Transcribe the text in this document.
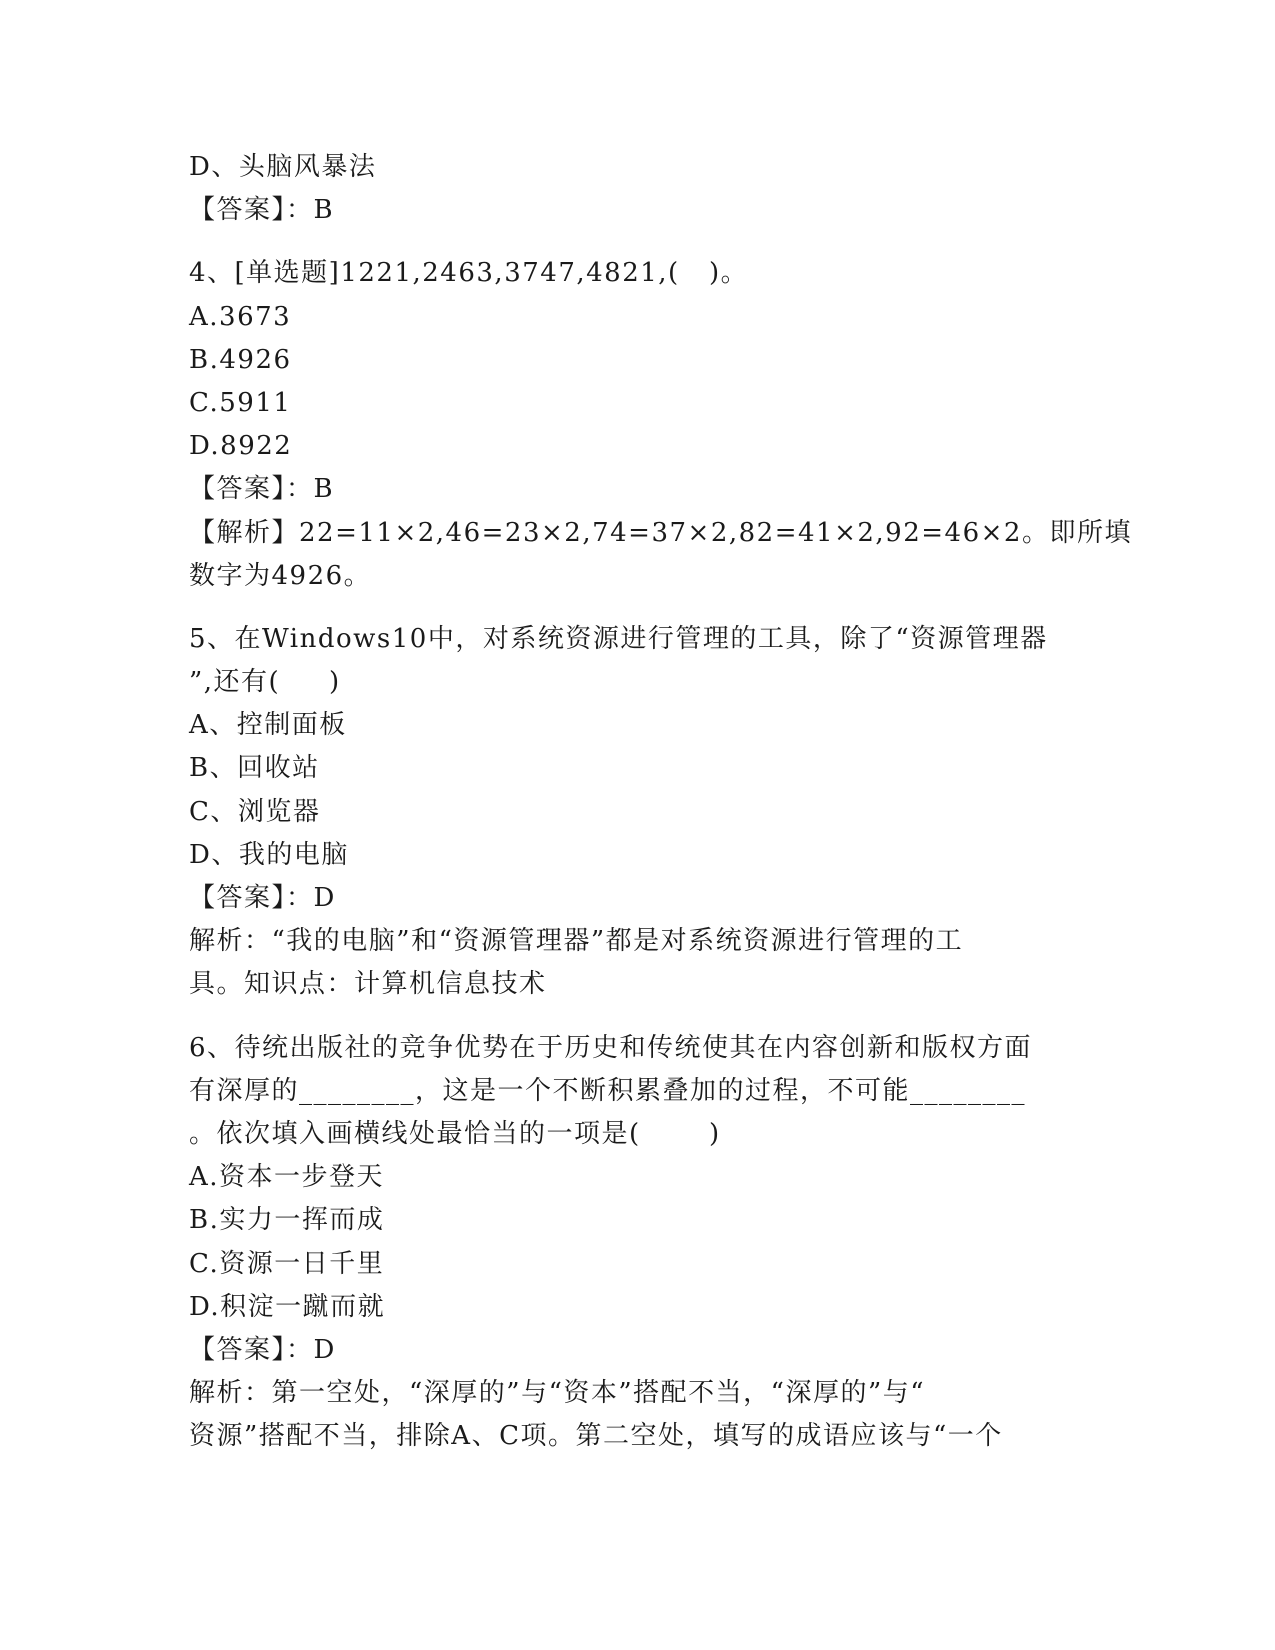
D、头脑风暴法
【答案】：B
4、[单选题]1221,2463,3747,4821,(   )。
A.3673
B.4926
C.5911
D.8922
【答案】：B
【解析】22=11×2,46=23×2,74=37×2,82=41×2,92=46×2。即所填
数字为4926。
5、在Windows10中，对系统资源进行管理的工具，除了“资源管理器
”,还有(     )
A、控制面板
B、回收站
C、浏览器
D、我的电脑
【答案】：D
解析：“我的电脑”和“资源管理器”都是对系统资源进行管理的工
具。知识点：计算机信息技术
6、待统出版社的竞争优势在于历史和传统使其在内容创新和版权方面
有深厚的________，这是一个不断积累叠加的过程，不可能________
。依次填入画横线处最恰当的一项是(       )
A.资本一步登天
B.实力一挥而成
C.资源一日千里
D.积淀一蹴而就
【答案】：D
解析：第一空处，“深厚的”与“资本”搭配不当，“深厚的”与“
资源”搭配不当，排除A、C项。第二空处，填写的成语应该与“一个
